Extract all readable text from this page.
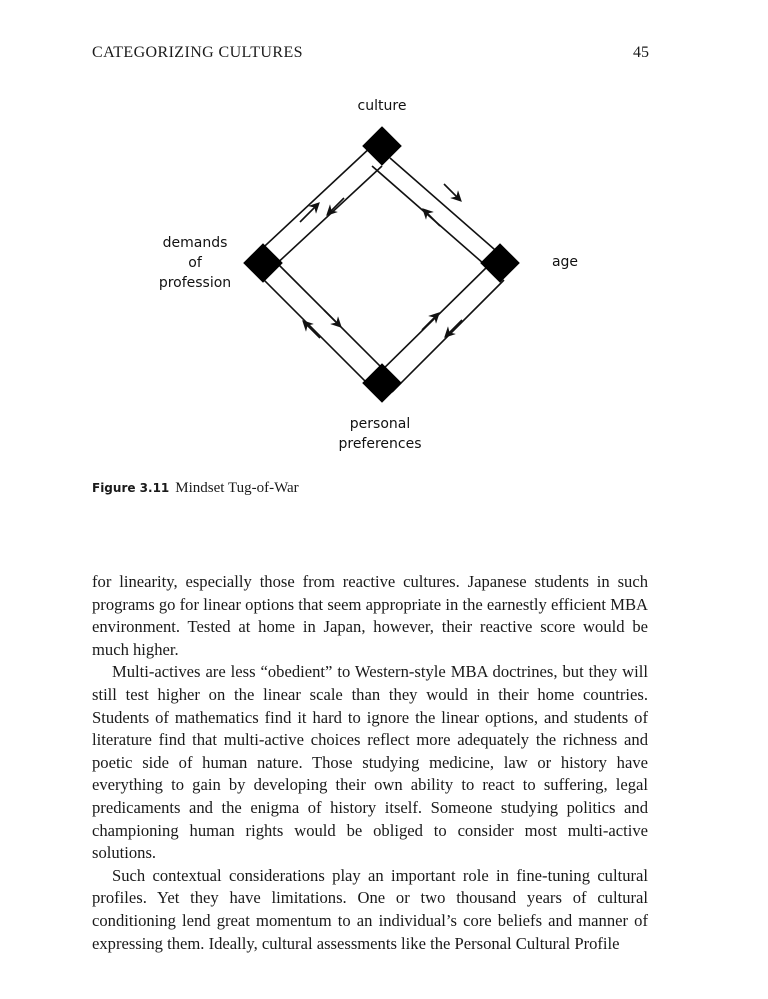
CATEGORIZING CULTURES	45
culture
demands
of
profession
age
personal
preferences
Figure 3.11 Mindset Tug-of-War

for linearity, especially those from reactive cultures. Japanese students in such programs go for linear options that seem appropriate in the earnestly efficient MBA environment. Tested at home in Japan, however, their reactive score would be much higher.

Multi-actives are less “obedient” to Western-style MBA doctrines, but they will still test higher on the linear scale than they would in their home countries. Students of mathematics find it hard to ignore the linear options, and students of literature find that multi-active choices reflect more adequately the richness and poetic side of human nature. Those studying medicine, law or history have everything to gain by developing their own ability to react to suffering, legal predicaments and the enigma of history itself. Someone studying politics and championing human rights would be obliged to consider most multi-active solutions.

Such contextual considerations play an important role in fine-tuning cultural profiles. Yet they have limitations. One or two thousand years of cultural conditioning lend great momentum to an individual’s core beliefs and manner of expressing them. Ideally, cultural assessments like the Personal Cultural Profile
